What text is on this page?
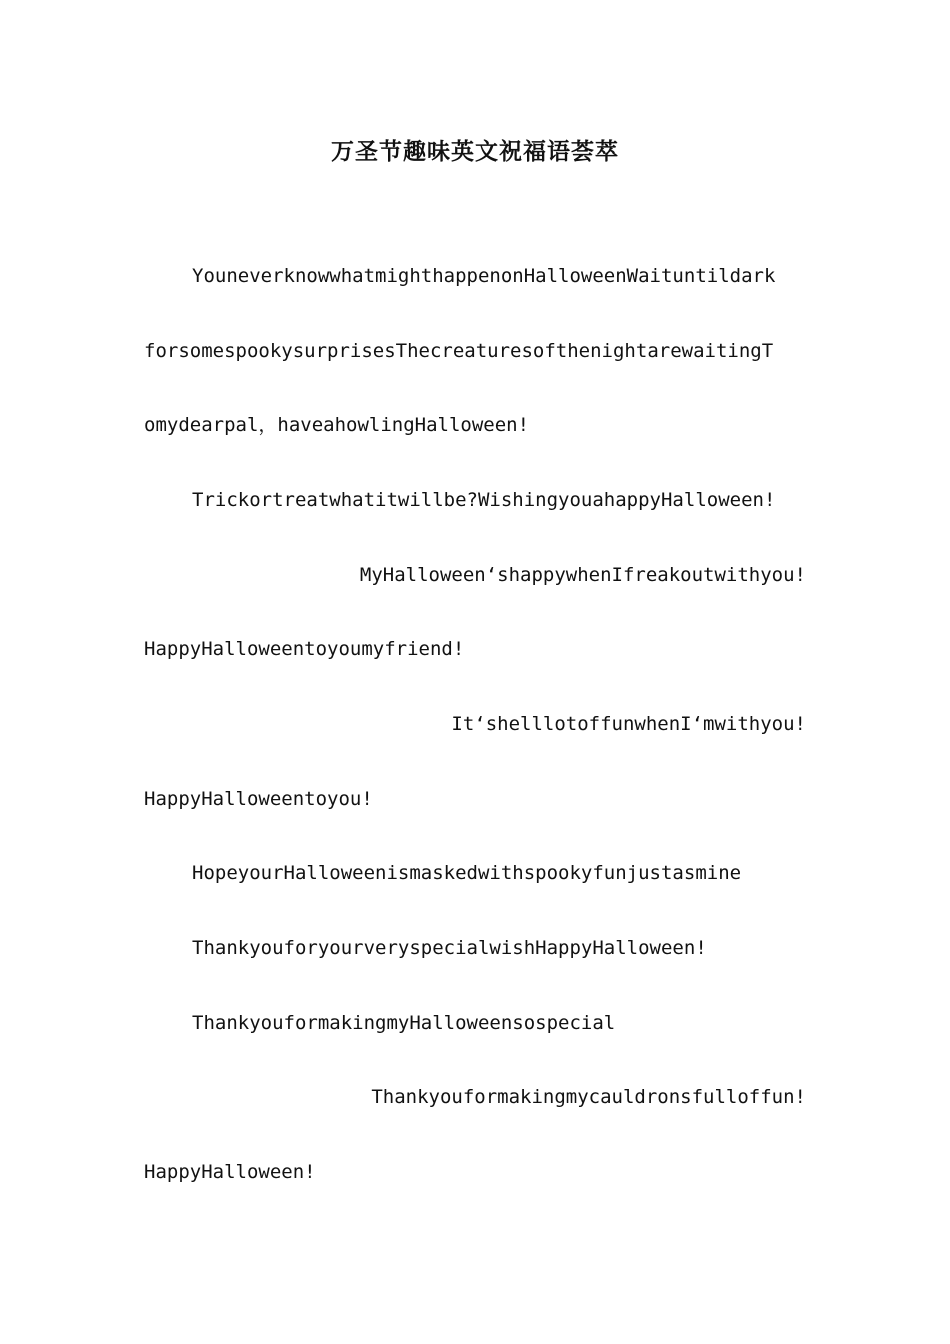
万圣节趣味英文祝福语荟萃
YouneverknowwhatmighthappenonHalloweenWaituntildark
forsomespookysurprisesThecreaturesofthenightarewaitingT
omydearpal，haveahowlingHalloween!
Trickortreatwhatitwillbe?WishingyouahappyHalloween!
MyHalloween‘shappywhenIfreakoutwithyou!
HappyHalloweentoyoumyfriend!
It‘shelllotoffunwhenI‘mwithyou!
HappyHalloweentoyou!
HopeyourHalloweenismaskedwithspookyfunjustasmine
ThankyouforyourveryspecialwishHappyHalloween!
ThankyouformakingmyHalloweensospecial
Thankyouformakingmycauldronsfulloffun!
HappyHalloween!
